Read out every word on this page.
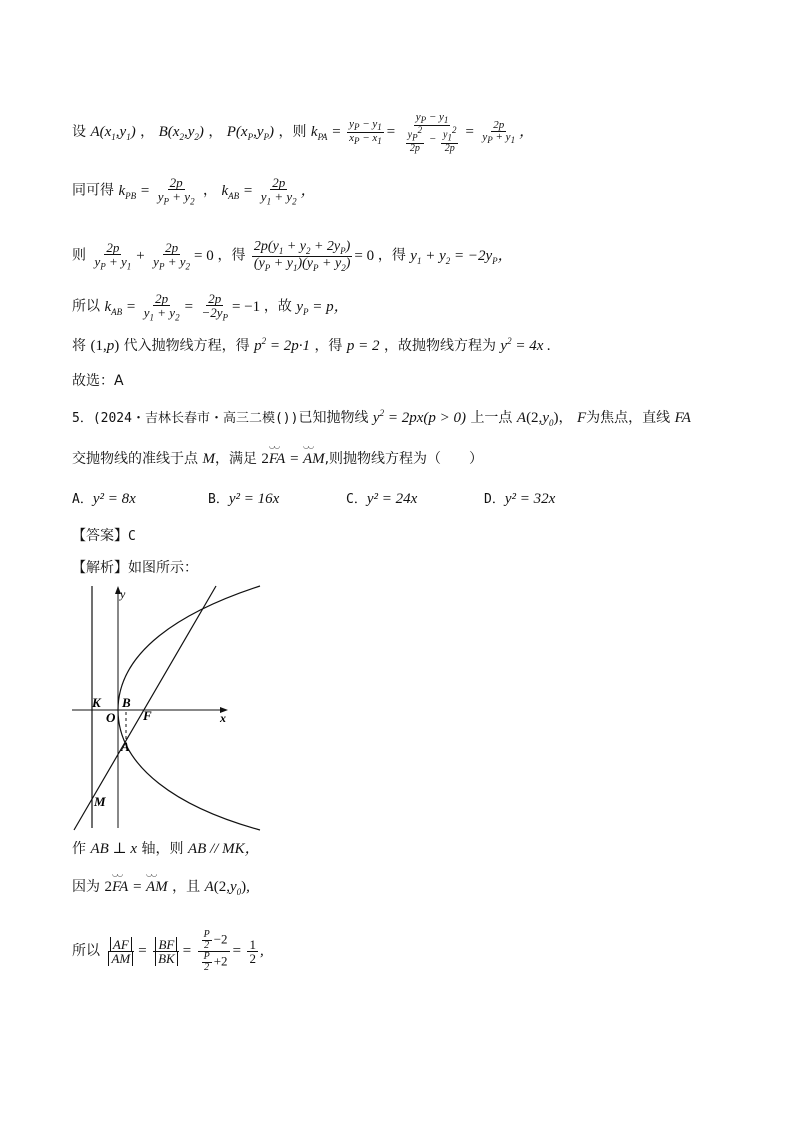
设 $A(x_1,y_1)$ ， $B(x_2,y_2)$ ， $P(x_P,y_P)$ ，则 $k_{PA} = \frac{y_P - y_1}{x_P - x_1} = \frac{y_P - y_1}{\frac{y_P^2}{2p} - \frac{y_1^2}{2p}} = \frac{2p}{y_P + y_1}$ ，
同可得 $k_{PB} = \frac{2p}{y_P + y_2}$ ， $k_{AB} = \frac{2p}{y_1 + y_2}$ ，
则 $\frac{2p}{y_P + y_1} + \frac{2p}{y_P + y_2} = 0$ ，得 $\frac{2p(y_1 + y_2 + 2y_P)}{(y_P + y_1)(y_P + y_2)} = 0$ ，得 $y_1 + y_2 = -2y_P$，
所以 $k_{AB} = \frac{2p}{y_1 + y_2} = \frac{2p}{-2y_P} = -1$ ，故 $y_P = p$，
将 (1,p) 代入抛物线方程，得 $p^2 = 2p\cdot 1$ ，得 p = 2 ，故抛物线方程为 $y^2 = 4x$ .
故选：A
5．(2024・吉林长春市・高三二模())已知抛物线 $y^2 = 2px(p > 0)$ 上一点 $A(2,y_0)$， F为焦点，直线 FA
交抛物线的准线于点 M，满足 2◡◡ FA = ◡◡ AM,则抛物线方程为（　　）
A．y² = 8x	B．y² = 16x	C．y² = 24x	D．y² = 32x
【答案】C
【解析】如图所示：
y
x
K B
O F
A
M
作 AB ⊥ x 轴，则 AB // MK，
因为 2◡◡ FA = ◡◡ AM ，且 $A(2,y_0)$,
所以 $\frac{AF}{AM} = \frac{BF}{BK} = \frac{\frac{P}{2} -2}{\frac{P}{2} +2} = \frac{1}{2}$ ,
